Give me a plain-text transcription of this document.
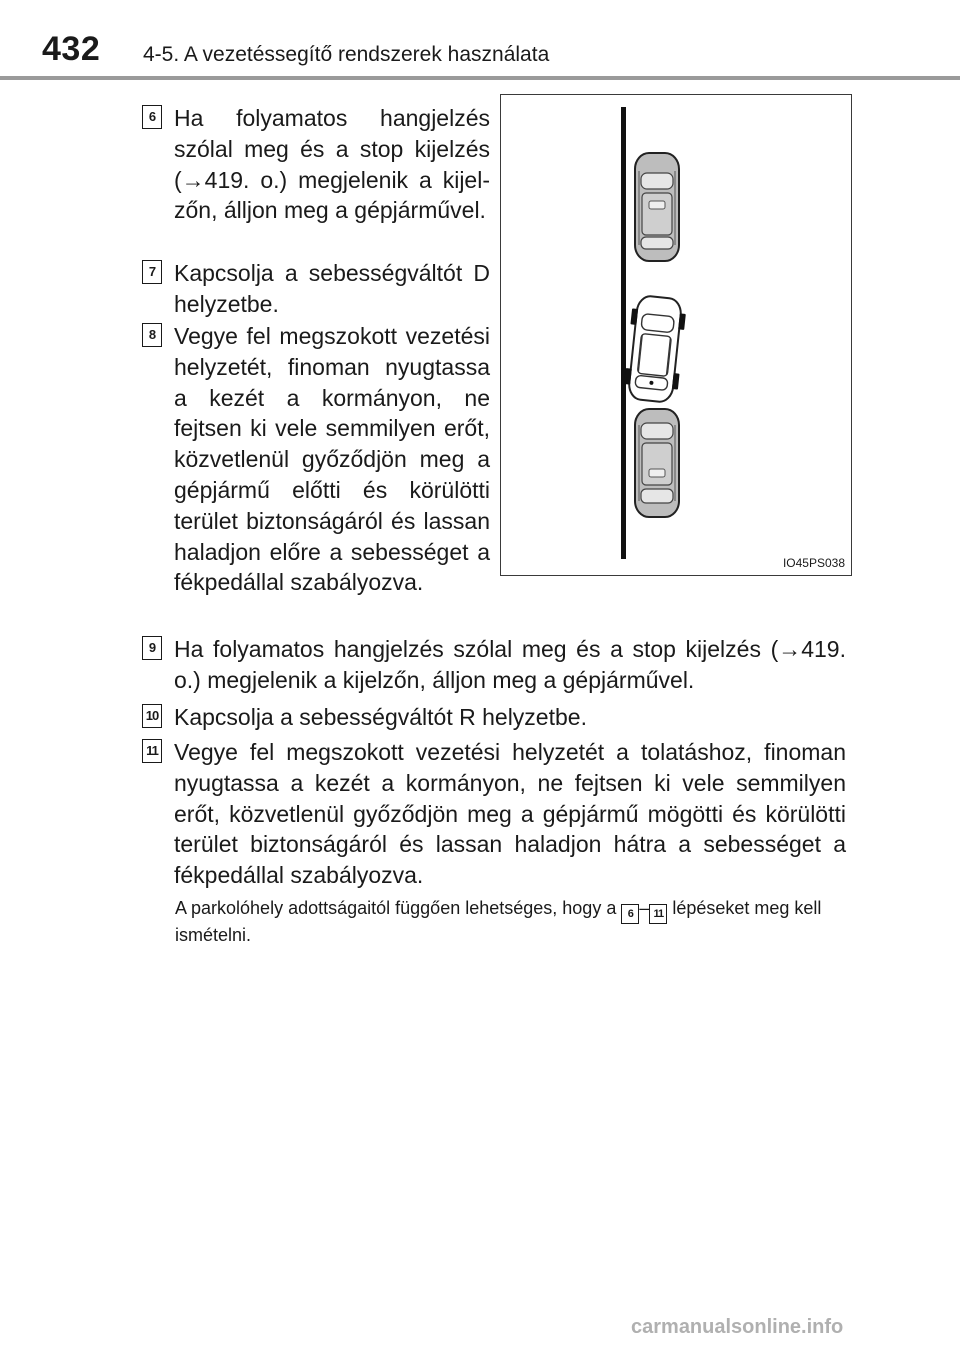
432 4-5. A vezetéssegítő rendszerek használata
6 Ha folyamatos hangjelzés szólal meg és a stop kijelzés (→419. o.) megjelenik a kijelzőn, álljon meg a gépjárművel.
7 Kapcsolja a sebességváltót D helyzetbe.
8 Vegye fel megszokott vezetési helyzetét, finoman nyugtassa a kezét a kormányon, ne fejtsen ki vele semmilyen erőt, közvetlenül győződjön meg a gépjármű előtti és körülötti terület biztonságáról és lassan haladjon előre a sebességet a fékpedállal szabályozva.
IO45PS038
9 Ha folyamatos hangjelzés szólal meg és a stop kijelzés (→419. o.) megjelenik a kijelzőn, álljon meg a gépjárművel.
10 Kapcsolja a sebességváltót R helyzetbe.
11 Vegye fel megszokott vezetési helyzetét a tolatáshoz, finoman nyugtassa a kezét a kormányon, ne fejtsen ki vele semmilyen erőt, közvetlenül győződjön meg a gépjármű mögötti és körülötti terület biztonságáról és lassan haladjon hátra a sebességet a fékpedállal szabályozva.
A parkolóhely adottságaitól függően lehetséges, hogy a 6 – 11 lépéseket meg kell ismételni.
carmanualsonline.info
